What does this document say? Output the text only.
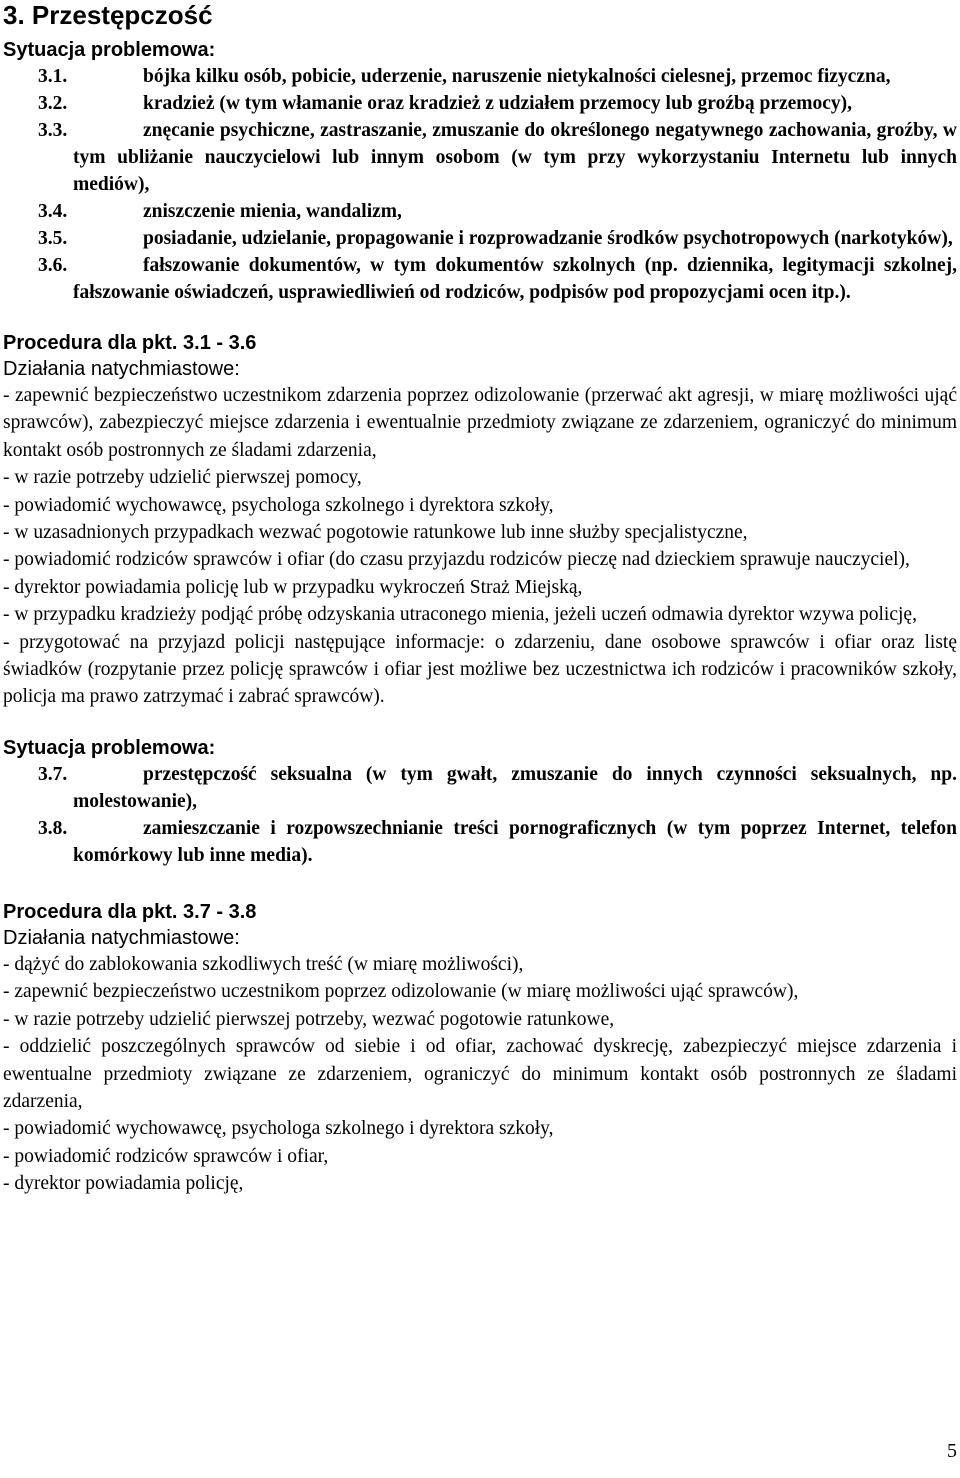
3. Przestępczość
Sytuacja problemowa:
3.1.	bójka kilku osób, pobicie, uderzenie, naruszenie nietykalności cielesnej, przemoc fizyczna,
3.2.	kradzież (w tym włamanie oraz kradzież z udziałem przemocy lub groźbą przemocy),
3.3.	znęcanie psychiczne, zastraszanie, zmuszanie do określonego negatywnego zachowania, groźby, w tym ubliżanie nauczycielowi lub innym osobom (w tym przy wykorzystaniu Internetu lub innych mediów),
3.4.	zniszczenie mienia, wandalizm,
3.5.	posiadanie, udzielanie, propagowanie i rozprowadzanie środków psychotropowych (narkotyków),
3.6.	fałszowanie dokumentów, w tym dokumentów szkolnych (np. dziennika, legitymacji szkolnej, fałszowanie oświadczeń, usprawiedliwień od rodziców, podpisów pod propozycjami ocen itp.).
Procedura dla pkt. 3.1 - 3.6
Działania natychmiastowe:

- zapewnić bezpieczeństwo uczestnikom zdarzenia poprzez odizolowanie (przerwać akt agresji, w miarę możliwości ująć sprawców), zabezpieczyć miejsce zdarzenia i ewentualnie przedmioty związane ze zdarzeniem, ograniczyć do minimum kontakt osób postronnych ze śladami zdarzenia,

- w razie potrzeby udzielić pierwszej pomocy,

- powiadomić wychowawcę, psychologa szkolnego i dyrektora szkoły,

- w uzasadnionych przypadkach wezwać pogotowie ratunkowe lub inne służby specjalistyczne,

- powiadomić rodziców sprawców i ofiar (do czasu przyjazdu rodziców pieczę nad dzieckiem sprawuje nauczyciel),

- dyrektor powiadamia policję lub w przypadku wykroczeń Straż Miejską,

- w przypadku kradzieży podjąć próbę odzyskania utraconego mienia, jeżeli uczeń odmawia dyrektor wzywa policję,

- przygotować na przyjazd policji następujące informacje: o zdarzeniu, dane osobowe sprawców i ofiar oraz listę świadków (rozpytanie przez policję sprawców i ofiar jest możliwe bez uczestnictwa ich rodziców i pracowników szkoły, policja ma prawo zatrzymać i zabrać sprawców).

Sytuacja problemowa:
3.7.	przestępczość seksualna (w tym gwałt, zmuszanie do innych czynności seksualnych, np. molestowanie),
3.8.	zamieszczanie i rozpowszechnianie treści pornograficznych (w tym poprzez Internet, telefon komórkowy lub inne media).
Procedura dla pkt. 3.7 - 3.8
Działania natychmiastowe:

- dążyć do zablokowania szkodliwych treść (w miarę możliwości),

- zapewnić bezpieczeństwo uczestnikom poprzez odizolowanie (w miarę możliwości ująć sprawców),

- w razie potrzeby udzielić pierwszej potrzeby, wezwać pogotowie ratunkowe,

- oddzielić poszczególnych sprawców od siebie i od ofiar, zachować dyskrecję, zabezpieczyć miejsce zdarzenia i ewentualne przedmioty związane ze zdarzeniem, ograniczyć do minimum kontakt osób postronnych ze śladami zdarzenia,

- powiadomić wychowawcę, psychologa szkolnego i dyrektora szkoły,

- powiadomić rodziców sprawców i ofiar,

- dyrektor powiadamia policję,

5
